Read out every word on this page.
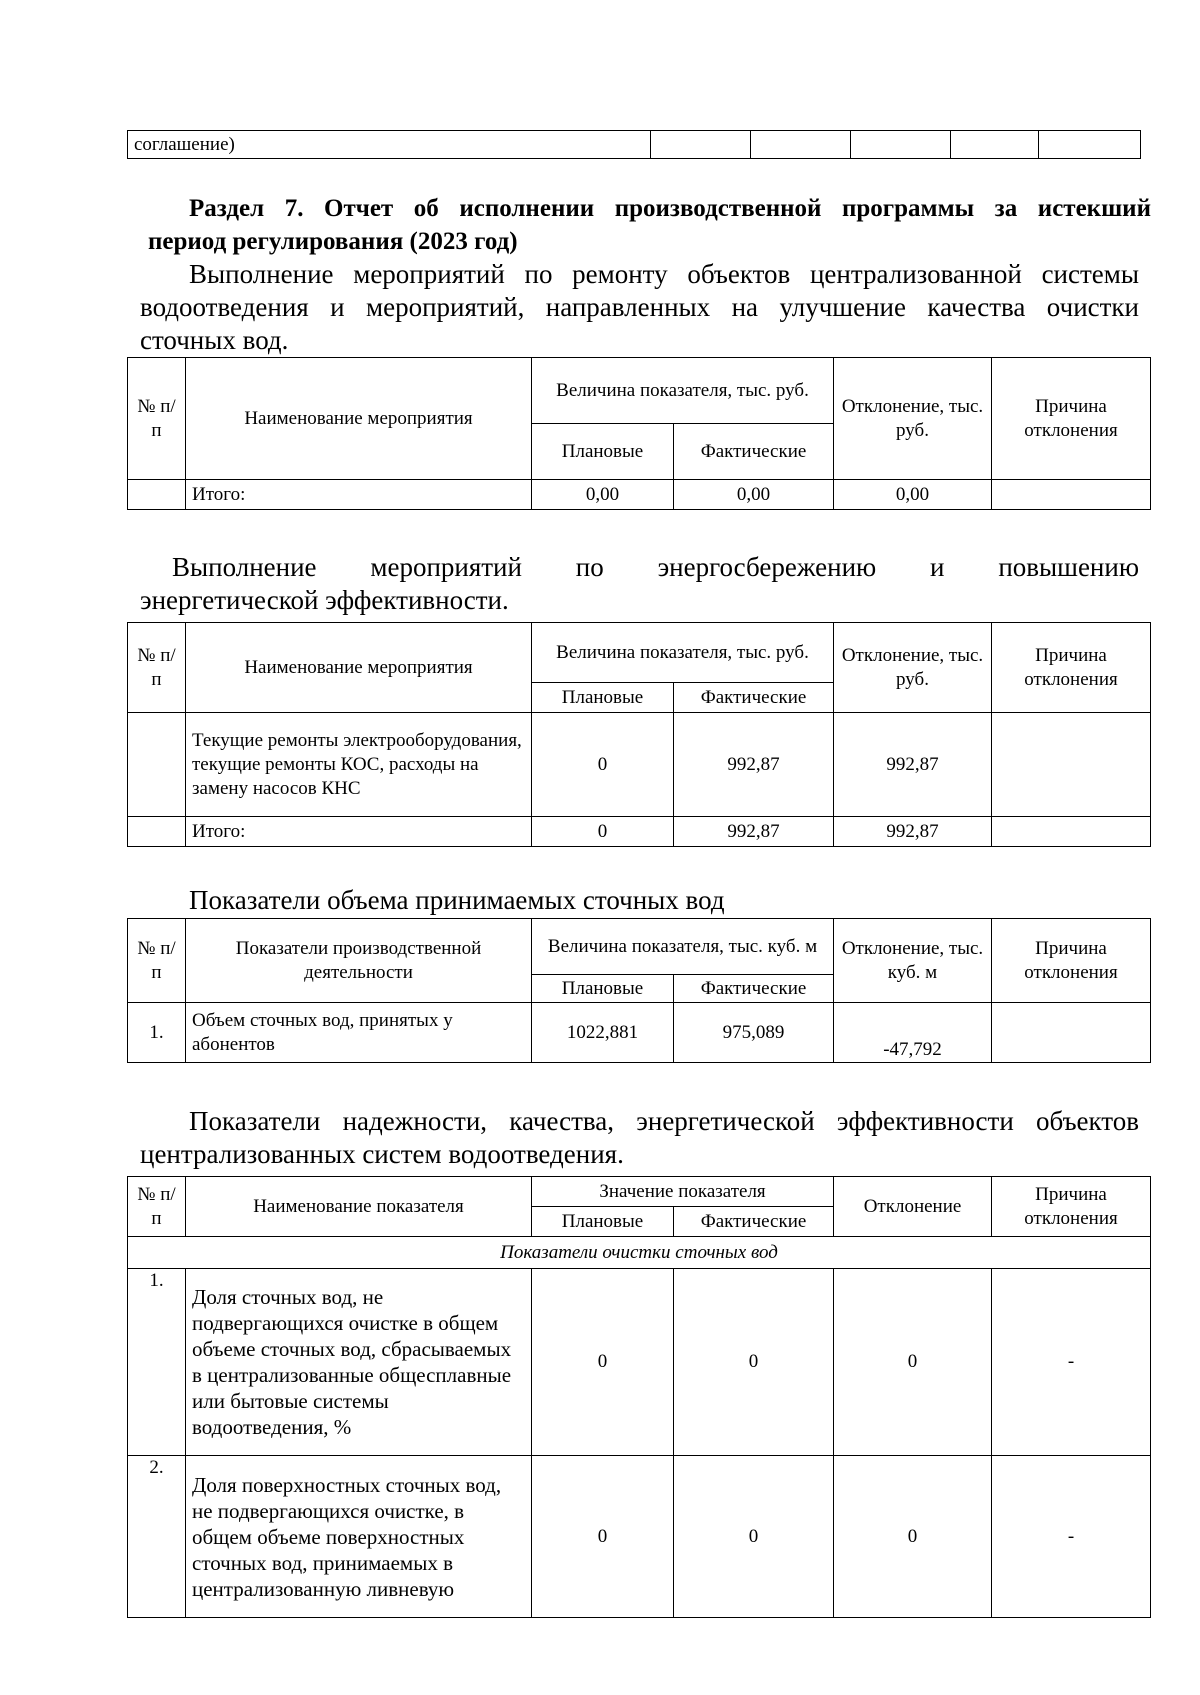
соглашение)					
Раздел 7. Отчет об исполнении производственной программы за истекший
период регулирования (2023 год)
Выполнение мероприятий по ремонту объектов централизованной системы
водоотведения и мероприятий, направленных на улучшение качества очистки
сточных вод.
№ п/п	Наименование мероприятия	Величина показателя, тыс. руб.		Отклонение, тыс. руб.	Причина отклонения
		Плановые	Фактические		
	Итого:	0,00	0,00	0,00	
Выполнение мероприятий по энергосбережению и повышению
энергетической эффективности.
№ п/п	Наименование мероприятия	Величина показателя, тыс. руб.		Отклонение, тыс. руб.	Причина отклонения
		Плановые	Фактические		
	Текущие ремонты электрооборудования, текущие ремонты КОС, расходы на замену насосов КНС	0	992,87	992,87	
	Итого:	0	992,87	992,87	
Показатели объема принимаемых сточных вод
№ п/п	Показатели производственной деятельности	Величина показателя, тыс. куб. м		Отклонение, тыс. куб. м	Причина отклонения
		Плановые	Фактические		
1.	Объем сточных вод, принятых у абонентов	1022,881	975,089	-47,792	
Показатели надежности, качества, энергетической эффективности объектов
централизованных систем водоотведения.
№ п/п	Наименование показателя	Значение показателя		Отклонение	Причина отклонения
		Плановые	Фактические		
Показатели очистки сточных вод					
1.	Доля сточных вод, не подвергающихся очистке в общем объеме сточных вод, сбрасываемых в централизованные общесплавные или бытовые системы водоотведения, %	0	0	0	-
2.	Доля поверхностных сточных вод, не подвергающихся очистке, в общем объеме поверхностных сточных вод, принимаемых в централизованную ливневую	0	0	0	-
